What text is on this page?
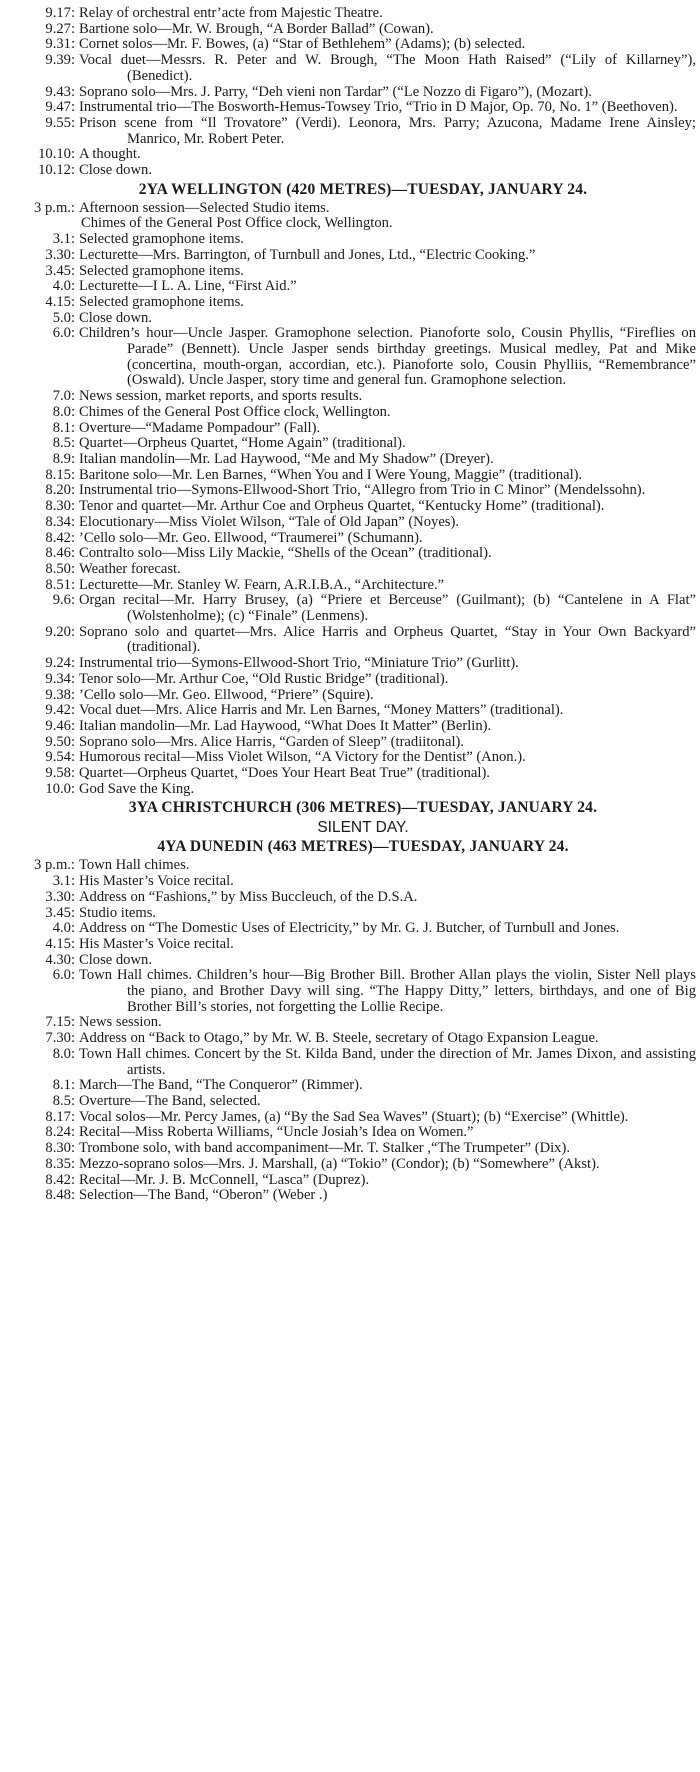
9.17: Relay of orchestral entr’acte from Majestic Theatre.
9.27: Bartione solo—Mr. W. Brough, “A Border Ballad” (Cowan).
9.31: Cornet solos—Mr. F. Bowes, (a) “Star of Bethlehem” (Adams); (b) selected.
9.39: Vocal duet—Messrs. R. Peter and W. Brough, “The Moon Hath Raised” (“Lily of Killarney”), (Benedict).
9.43: Soprano solo—Mrs. J. Parry, “Deh vieni non Tardar” (“Le Nozzo di Figaro”), (Mozart).
9.47: Instrumental trio—The Bosworth-Hemus-Towsey Trio, “Trio in D Major, Op. 70, No. 1” (Beethoven).
9.55: Prison scene from “Il Trovatore” (Verdi). Leonora, Mrs. Parry; Azucona, Madame Irene Ainsley; Manrico, Mr. Robert Peter.
10.10: A thought.
10.12: Close down.
2YA WELLINGTON (420 METRES)—TUESDAY, JANUARY 24.
3 p.m.: Afternoon session—Selected Studio items.
Chimes of the General Post Office clock, Wellington.
3.1: Selected gramophone items.
3.30: Lecturette—Mrs. Barrington, of Turnbull and Jones, Ltd., “Electric Cooking.”
3.45: Selected gramophone items.
4.0: Lecturette—I L. A. Line, “First Aid.”
4.15: Selected gramophone items.
5.0: Close down.
6.0: Children’s hour—Uncle Jasper. Gramophone selection. Pianoforte solo, Cousin Phyllis, “Fireflies on Parade” (Bennett). Uncle Jasper sends birthday greetings. Musical medley, Pat and Mike (concertina, mouth-organ, accordian, etc.). Pianoforte solo, Cousin Phylliis, “Remembrance” (Oswald). Uncle Jasper, story time and general fun. Gramophone selection.
7.0: News session, market reports, and sports results.
8.0: Chimes of the General Post Office clock, Wellington.
8.1: Overture—“Madame Pompadour” (Fall).
8.5: Quartet—Orpheus Quartet, “Home Again” (traditional).
8.9: Italian mandolin—Mr. Lad Haywood, “Me and My Shadow” (Dreyer).
8.15: Baritone solo—Mr. Len Barnes, “When You and I Were Young, Maggie” (traditional).
8.20: Instrumental trio—Symons-Ellwood-Short Trio, “Allegro from Trio in C Minor” (Mendelssohn).
8.30: Tenor and quartet—Mr. Arthur Coe and Orpheus Quartet, “Kentucky Home” (traditional).
8.34: Elocutionary—Miss Violet Wilson, “Tale of Old Japan” (Noyes).
8.42: ’Cello solo—Mr. Geo. Ellwood, “Traumerei” (Schumann).
8.46: Contralto solo—Miss Lily Mackie, “Shells of the Ocean” (traditional).
8.50: Weather forecast.
8.51: Lecturette—Mr. Stanley W. Fearn, A.R.I.B.A., “Architecture.”
9.6: Organ recital—Mr. Harry Brusey, (a) “Priere et Berceuse” (Guilmant); (b) “Cantelene in A Flat” (Wolstenholme); (c) “Finale” (Lenmens).
9.20: Soprano solo and quartet—Mrs. Alice Harris and Orpheus Quartet, “Stay in Your Own Backyard” (traditional).
9.24: Instrumental trio—Symons-Ellwood-Short Trio, “Miniature Trio” (Gurlitt).
9.34: Tenor solo—Mr. Arthur Coe, “Old Rustic Bridge” (traditional).
9.38: ’Cello solo—Mr. Geo. Ellwood, “Priere” (Squire).
9.42: Vocal duet—Mrs. Alice Harris and Mr. Len Barnes, “Money Matters” (traditional).
9.46: Italian mandolin—Mr. Lad Haywood, “What Does It Matter” (Berlin).
9.50: Soprano solo—Mrs. Alice Harris, “Garden of Sleep” (tradiitonal).
9.54: Humorous recital—Miss Violet Wilson, “A Victory for the Dentist” (Anon.).
9.58: Quartet—Orpheus Quartet, “Does Your Heart Beat True” (traditional).
10.0: God Save the King.
3YA CHRISTCHURCH (306 METRES)—TUESDAY, JANUARY 24.
SILENT DAY.
4YA DUNEDIN (463 METRES)—TUESDAY, JANUARY 24.
3 p.m.: Town Hall chimes.
3.1: His Master’s Voice recital.
3.30: Address on “Fashions,” by Miss Buccleuch, of the D.S.A.
3.45: Studio items.
4.0: Address on “The Domestic Uses of Electricity,” by Mr. G. J. Butcher, of Turnbull and Jones.
4.15: His Master’s Voice recital.
4.30: Close down.
6.0: Town Hall chimes. Children’s hour—Big Brother Bill. Brother Allan plays the violin, Sister Nell plays the piano, and Brother Davy will sing. “The Happy Ditty,” letters, birthdays, and one of Big Brother Bill’s stories, not forgetting the Lollie Recipe.
7.15: News session.
7.30: Address on “Back to Otago,” by Mr. W. B. Steele, secretary of Otago Expansion League.
8.0: Town Hall chimes. Concert by the St. Kilda Band, under the direction of Mr. James Dixon, and assisting artists.
8.1: March—The Band, “The Conqueror” (Rimmer).
8.5: Overture—The Band, selected.
8.17: Vocal solos—Mr. Percy James, (a) “By the Sad Sea Waves” (Stuart); (b) “Exercise” (Whittle).
8.24: Recital—Miss Roberta Williams, “Uncle Josiah’s Idea on Women.”
8.30: Trombone solo, with band accompaniment—Mr. T. Stalker ,“The Trumpeter” (Dix).
8.35: Mezzo-soprano solos—Mrs. J. Marshall, (a) “Tokio” (Condor); (b) “Somewhere” (Akst).
8.42: Recital—Mr. J. B. McConnell, “Lasca” (Duprez).
8.48: Selection—The Band, “Oberon” (Weber .)
